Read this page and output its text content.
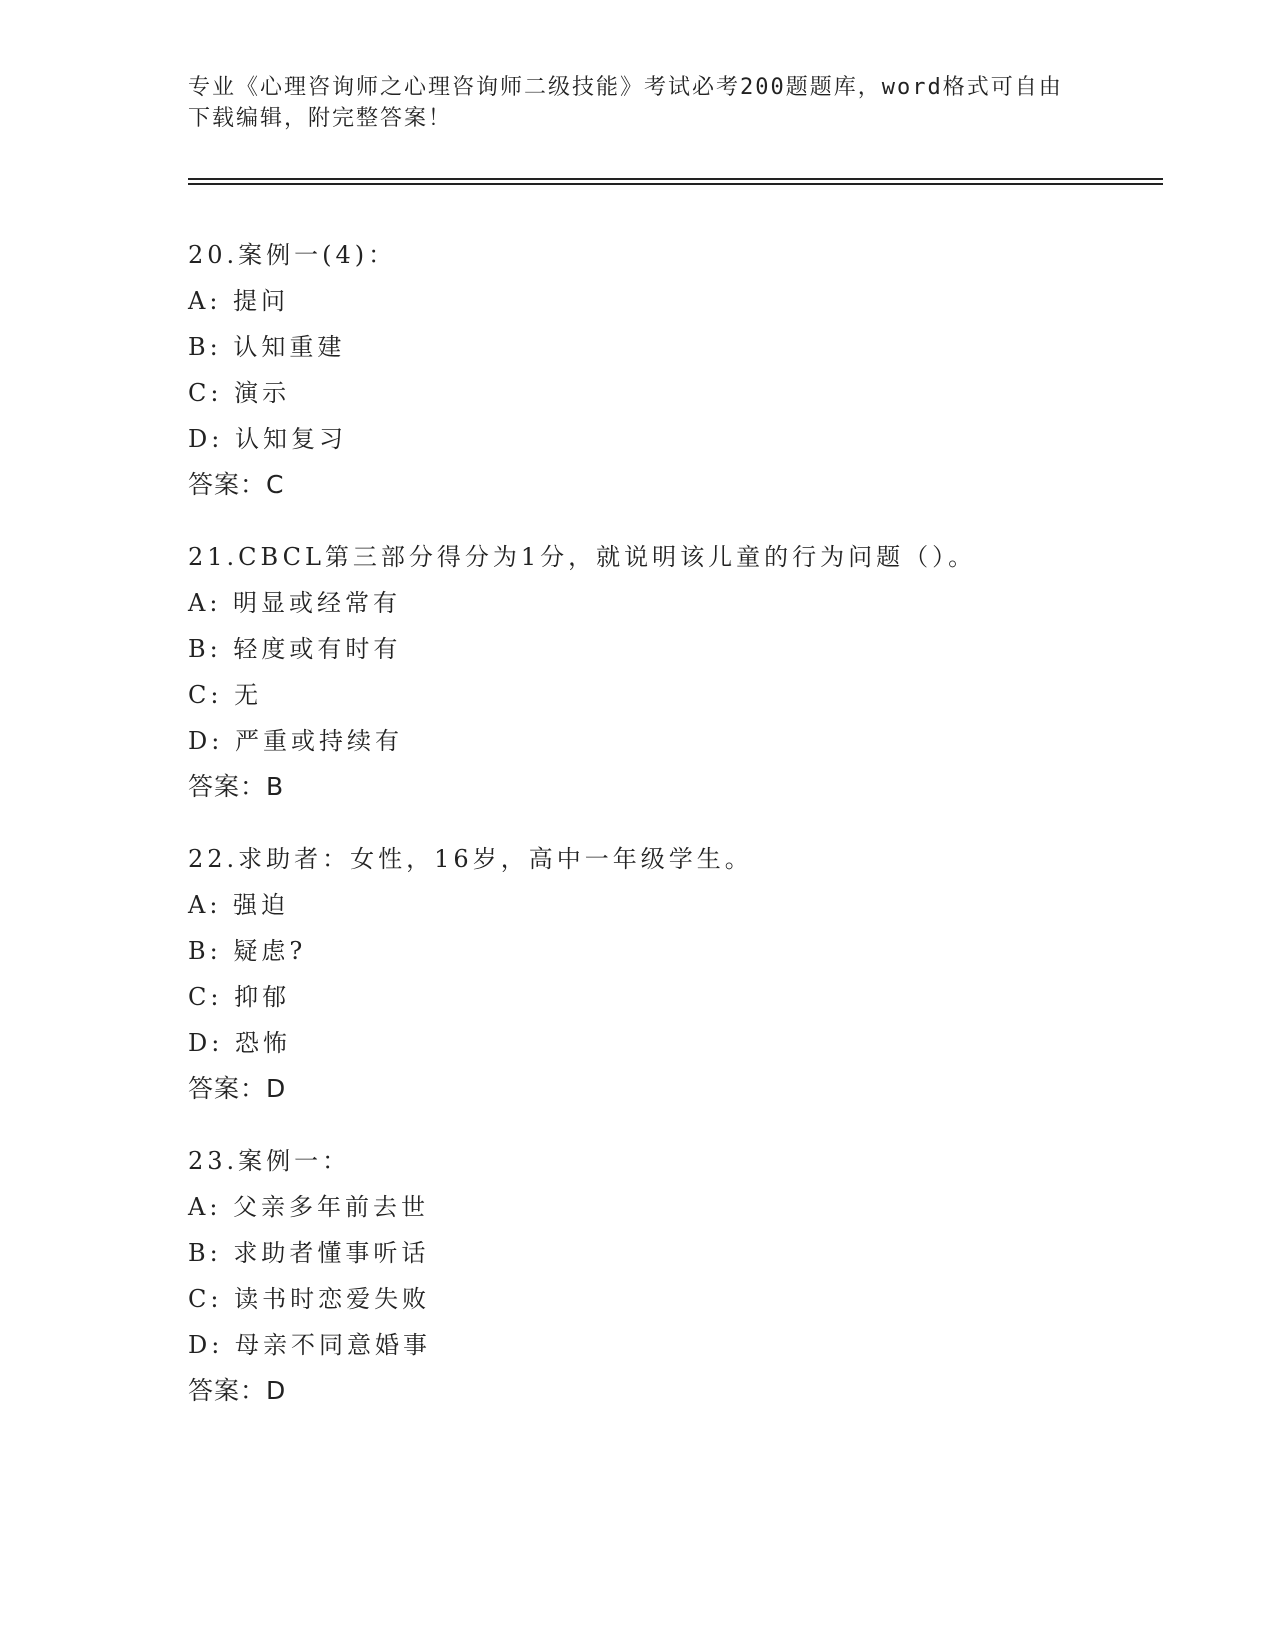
专业《心理咨询师之心理咨询师二级技能》考试必考200题题库，word格式可自由下载编辑，附完整答案！
20.案例一(4)：
A: 提问
B: 认知重建
C: 演示
D: 认知复习
答案：C
21.CBCL第三部分得分为1分，就说明该儿童的行为问题（）。
A: 明显或经常有
B: 轻度或有时有
C: 无
D: 严重或持续有
答案：B
22.求助者：女性，16岁，高中一年级学生。
A: 强迫
B: 疑虑?
C: 抑郁
D: 恐怖
答案：D
23.案例一：
A: 父亲多年前去世
B: 求助者懂事听话
C: 读书时恋爱失败
D: 母亲不同意婚事
答案：D
